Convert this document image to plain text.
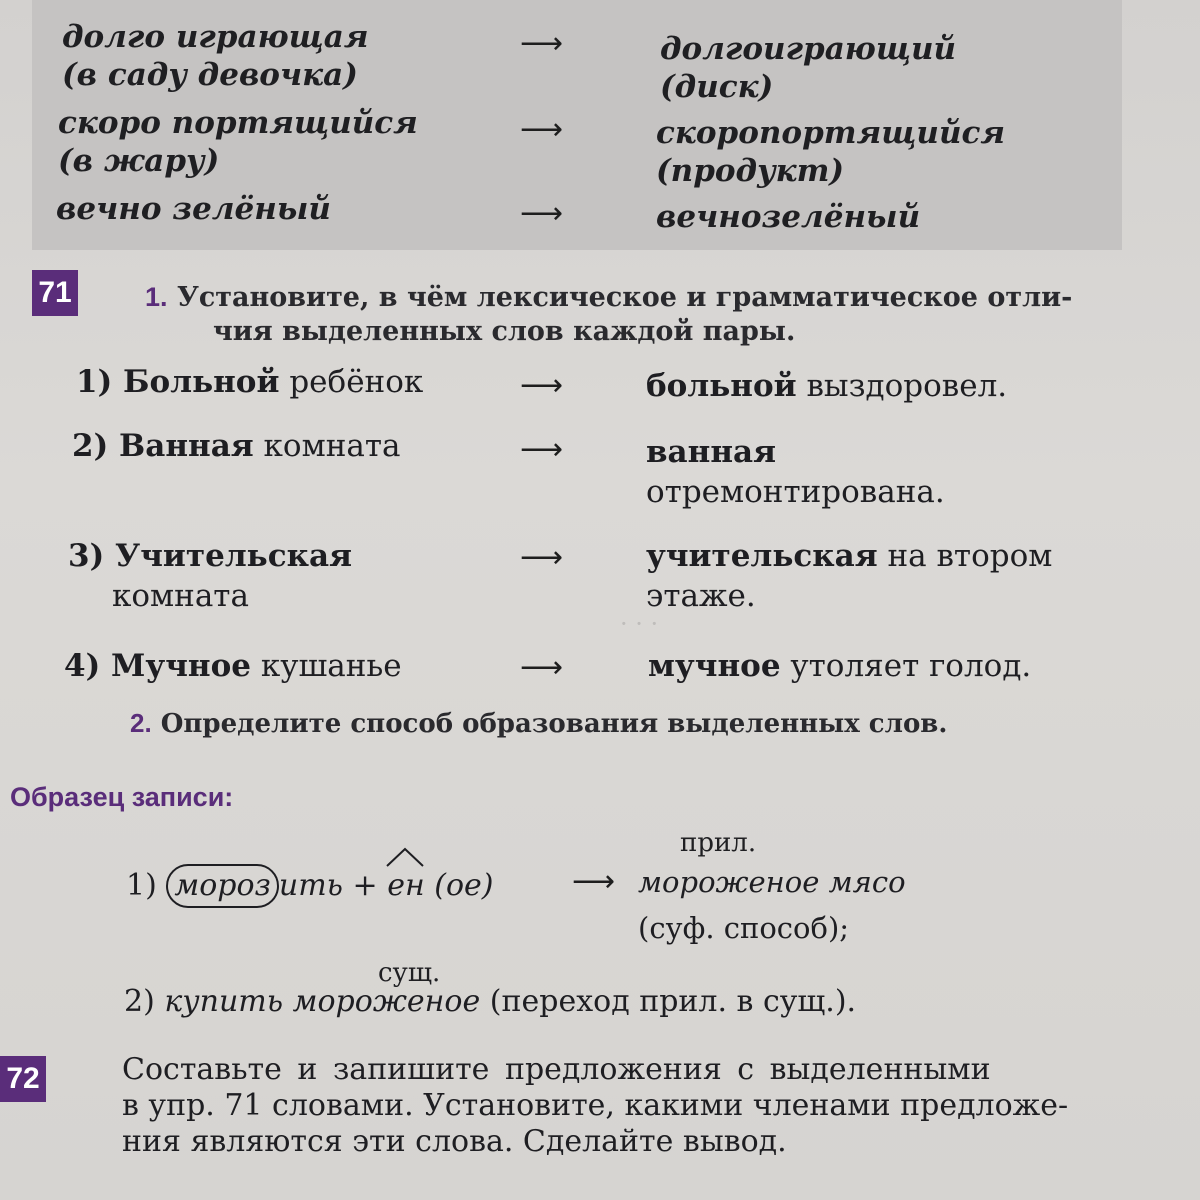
· · ·
долго играющая
(в саду девочка)
⟶	долгоиграющий
(диск)
скоро портящийся
(в жару)
⟶	скоропортящийся
(продукт)
вечно зелёный	⟶	вечнозелёный
71	1. Установите, в чём лексическое и грамматическое отли-
чия выделенных слов каждой пары.
1) Больной ребёнок	⟶	больной выздоровел.
2) Ванная комната	⟶	ванная
отремонтирована.
3) Учительская
комната
⟶	учительская на втором
этаже.
4) Мучное кушанье	⟶	мучное утоляет голод.
2. Определите способ образования выделенных слов.
Образец записи:
прил.
1) мороз ить +
ен (ое)	⟶ мороженое мясо
(суф. способ);
сущ.
2) купить мороженое (переход прил. в сущ.).
72	Составьте и запишите предложения с выделенными
в упр. 71 словами. Установите, какими членами предложе-
ния являются эти слова. Сделайте вывод.
